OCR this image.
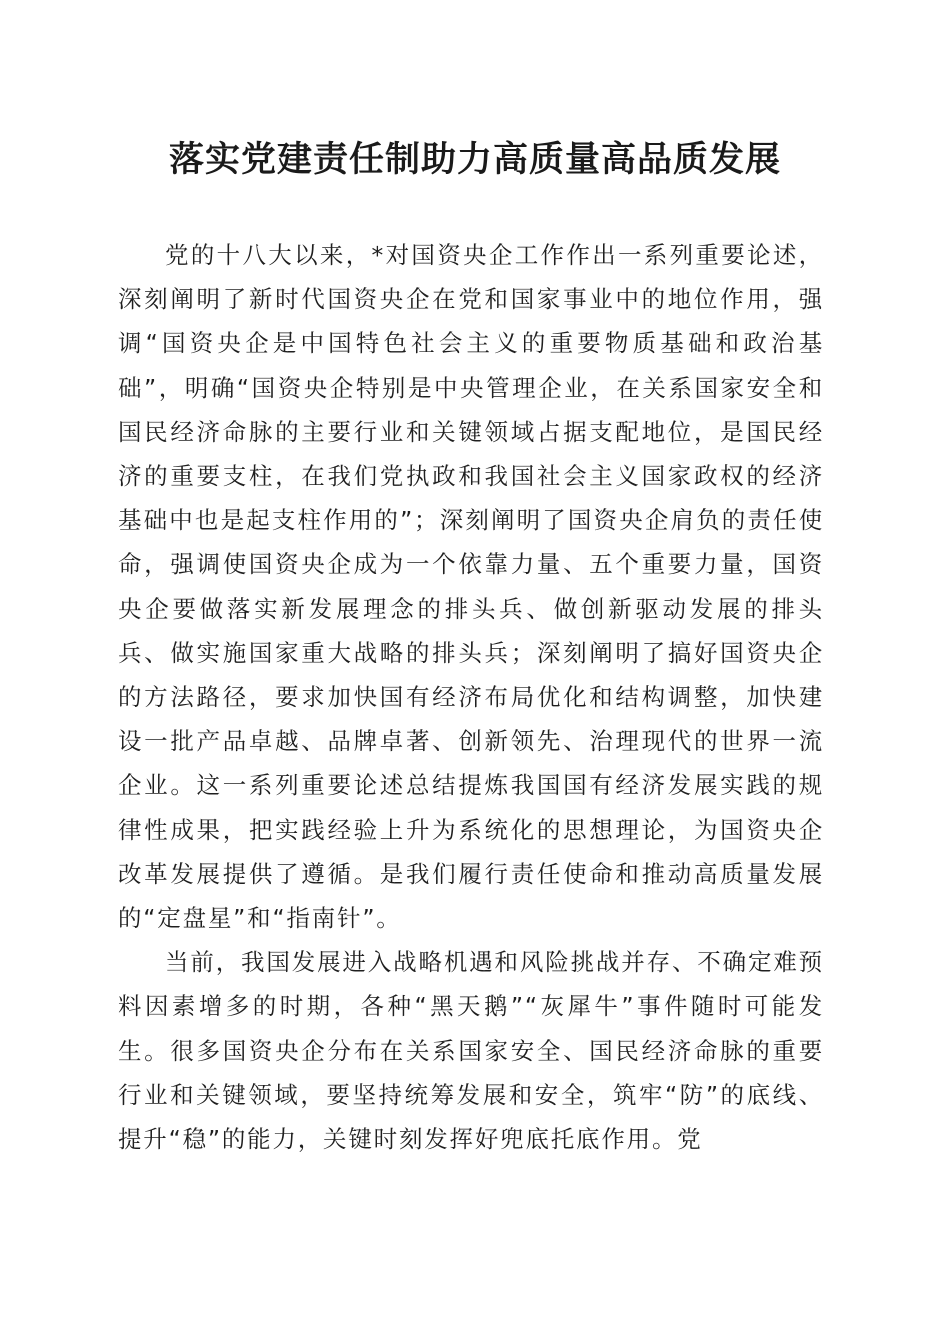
落实党建责任制助力高质量高品质发展

党的十八大以来，*对国资央企工作作出一系列重要论述，深刻阐明了新时代国资央企在党和国家事业中的地位作用，强调“国资央企是中国特色社会主义的重要物质基础和政治基础”，明确“国资央企特别是中央管理企业，在关系国家安全和国民经济命脉的主要行业和关键领域占据支配地位，是国民经济的重要支柱，在我们党执政和我国社会主义国家政权的经济基础中也是起支柱作用的”；深刻阐明了国资央企肩负的责任使命，强调使国资央企成为一个依靠力量、五个重要力量，国资央企要做落实新发展理念的排头兵、做创新驱动发展的排头兵、做实施国家重大战略的排头兵；深刻阐明了搞好国资央企的方法路径，要求加快国有经济布局优化和结构调整，加快建设一批产品卓越、品牌卓著、创新领先、治理现代的世界一流企业。这一系列重要论述总结提炼我国国有经济发展实践的规律性成果，把实践经验上升为系统化的思想理论，为国资央企改革发展提供了遵循。是我们履行责任使命和推动高质量发展的“定盘星”和“指南针”。

当前，我国发展进入战略机遇和风险挑战并存、不确定难预料因素增多的时期，各种“黑天鹅”“灰犀牛”事件随时可能发生。很多国资央企分布在关系国家安全、国民经济命脉的重要行业和关键领域，要坚持统筹发展和安全，筑牢“防”的底线、提升“稳”的能力，关键时刻发挥好兜底托底作用。党
